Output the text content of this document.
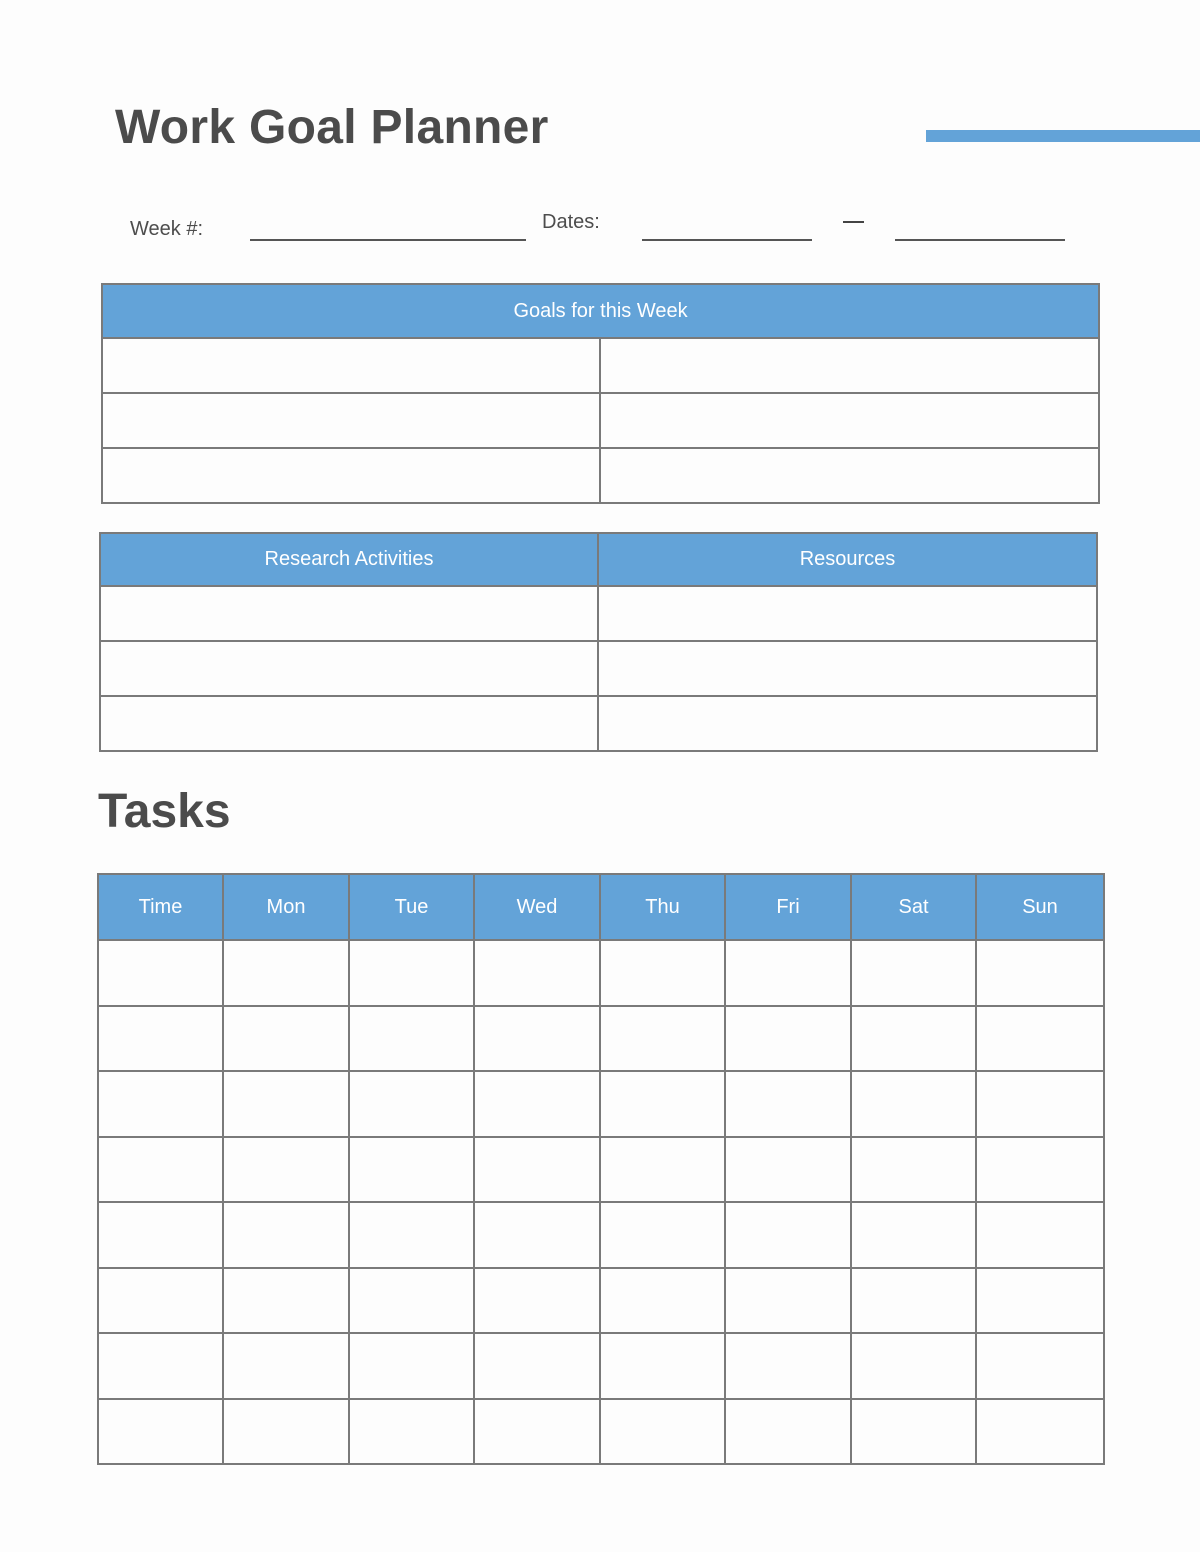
Work Goal Planner
Week #:	Dates:
Goals for this Week	

Research Activities	Resources

Tasks
Time	Mon	Tue	Wed	Thu	Fri	Sat	Sun
